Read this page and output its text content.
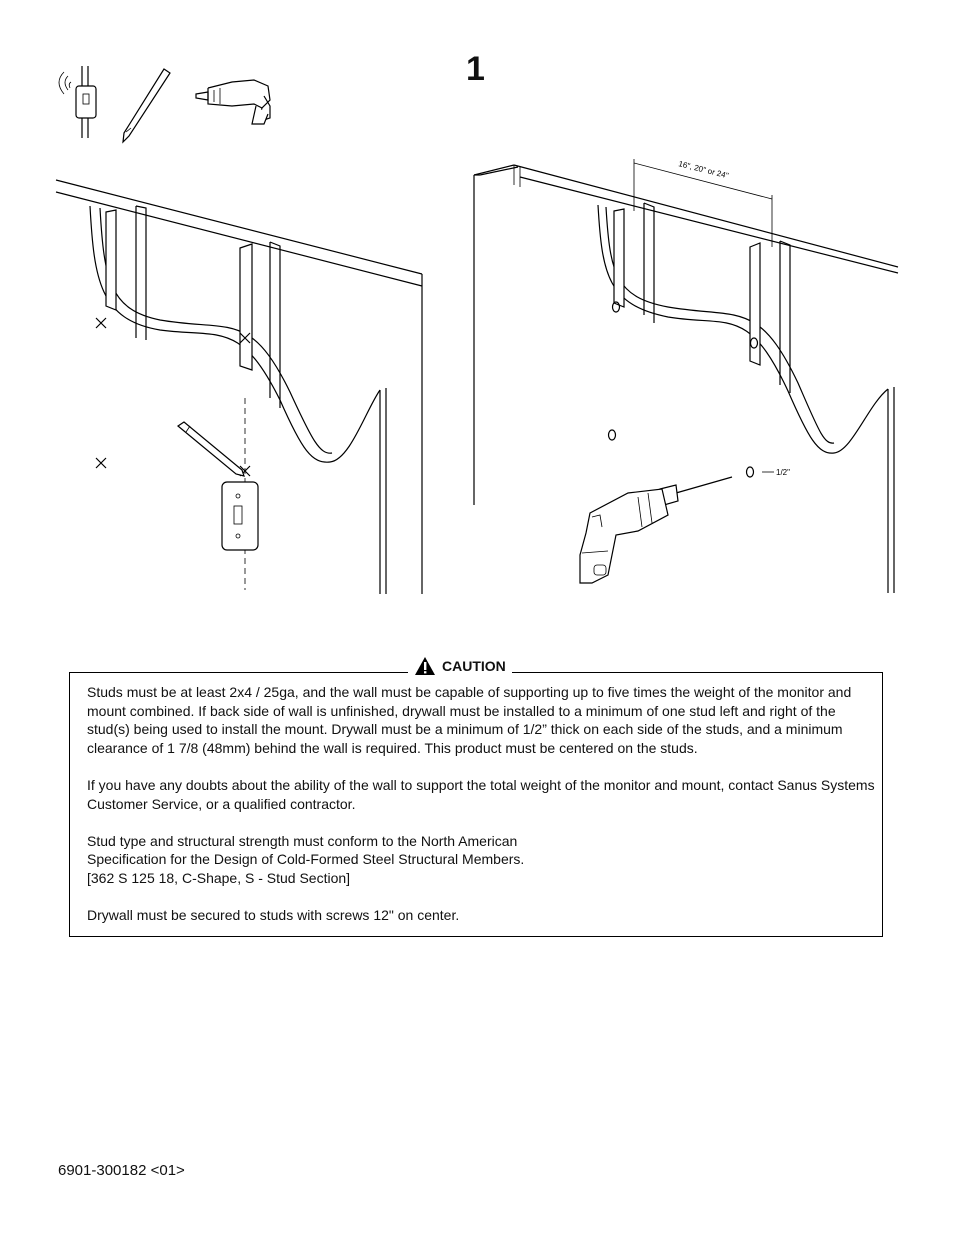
1
16", 20" or 24"
1/2"
CAUTION

Studs must be at least 2x4 / 25ga, and the wall must be capable of supporting up to five times the weight of the monitor and mount combined. If back side of wall is unfinished, drywall must be installed to a minimum of one stud left and right of the stud(s) being used to install the mount. Drywall must be a minimum of 1/2” thick on each side of the studs, and a minimum clearance of 1 7/8 (48mm) behind the wall is required. This product must be centered on the studs.

If you have any doubts about the ability of the wall to support the total weight of the monitor and mount, contact Sanus Systems Customer Service, or a qualified contractor.

Stud type and structural strength must conform to the North American
Specification for the Design of Cold-Formed Steel Structural Members.
[362 S 125 18, C-Shape, S - Stud Section]

Drywall must be secured to studs with screws 12" on center.

6901-300182 <01>
